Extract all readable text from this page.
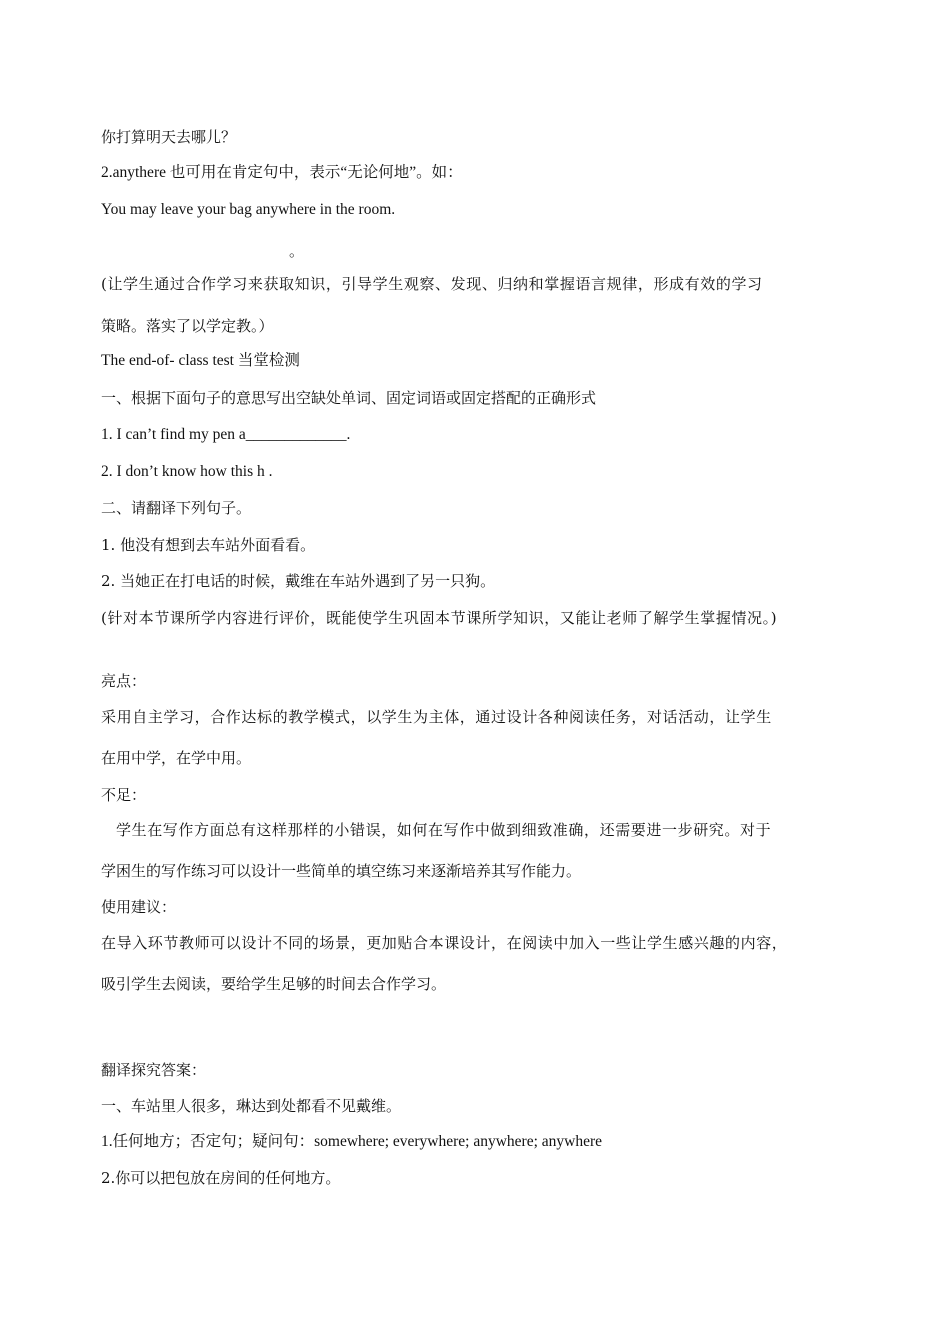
你打算明天去哪儿？
2.anythere 也可用在肯定句中，表示“无论何地”。如：
You may leave your bag anywhere in the room.
。
(让学生通过合作学习来获取知识，引导学生观察、发现、归纳和掌握语言规律，形成有效的学习
策略。落实了以学定教。）
The end-of- class test 当堂检测
一、根据下面句子的意思写出空缺处单词、固定词语或固定搭配的正确形式
1. I can’t find my pen a_____________.
2. I don’t know how this h .
二、请翻译下列句子。
1. 他没有想到去车站外面看看。
2. 当她正在打电话的时候，戴维在车站外遇到了另一只狗。
(针对本节课所学内容进行评价，既能使学生巩固本节课所学知识，又能让老师了解学生掌握情况。)
亮点：
采用自主学习，合作达标的教学模式，以学生为主体，通过设计各种阅读任务，对话活动，让学生
在用中学，在学中用。
不足：
学生在写作方面总有这样那样的小错误，如何在写作中做到细致准确，还需要进一步研究。对于
学困生的写作练习可以设计一些简单的填空练习来逐渐培养其写作能力。
使用建议：
在导入环节教师可以设计不同的场景，更加贴合本课设计，在阅读中加入一些让学生感兴趣的内容，
吸引学生去阅读，要给学生足够的时间去合作学习。
翻译探究答案：
一、车站里人很多，琳达到处都看不见戴维。
1.任何地方；否定句；疑问句：somewhere; everywhere; anywhere; anywhere
2.你可以把包放在房间的任何地方。
